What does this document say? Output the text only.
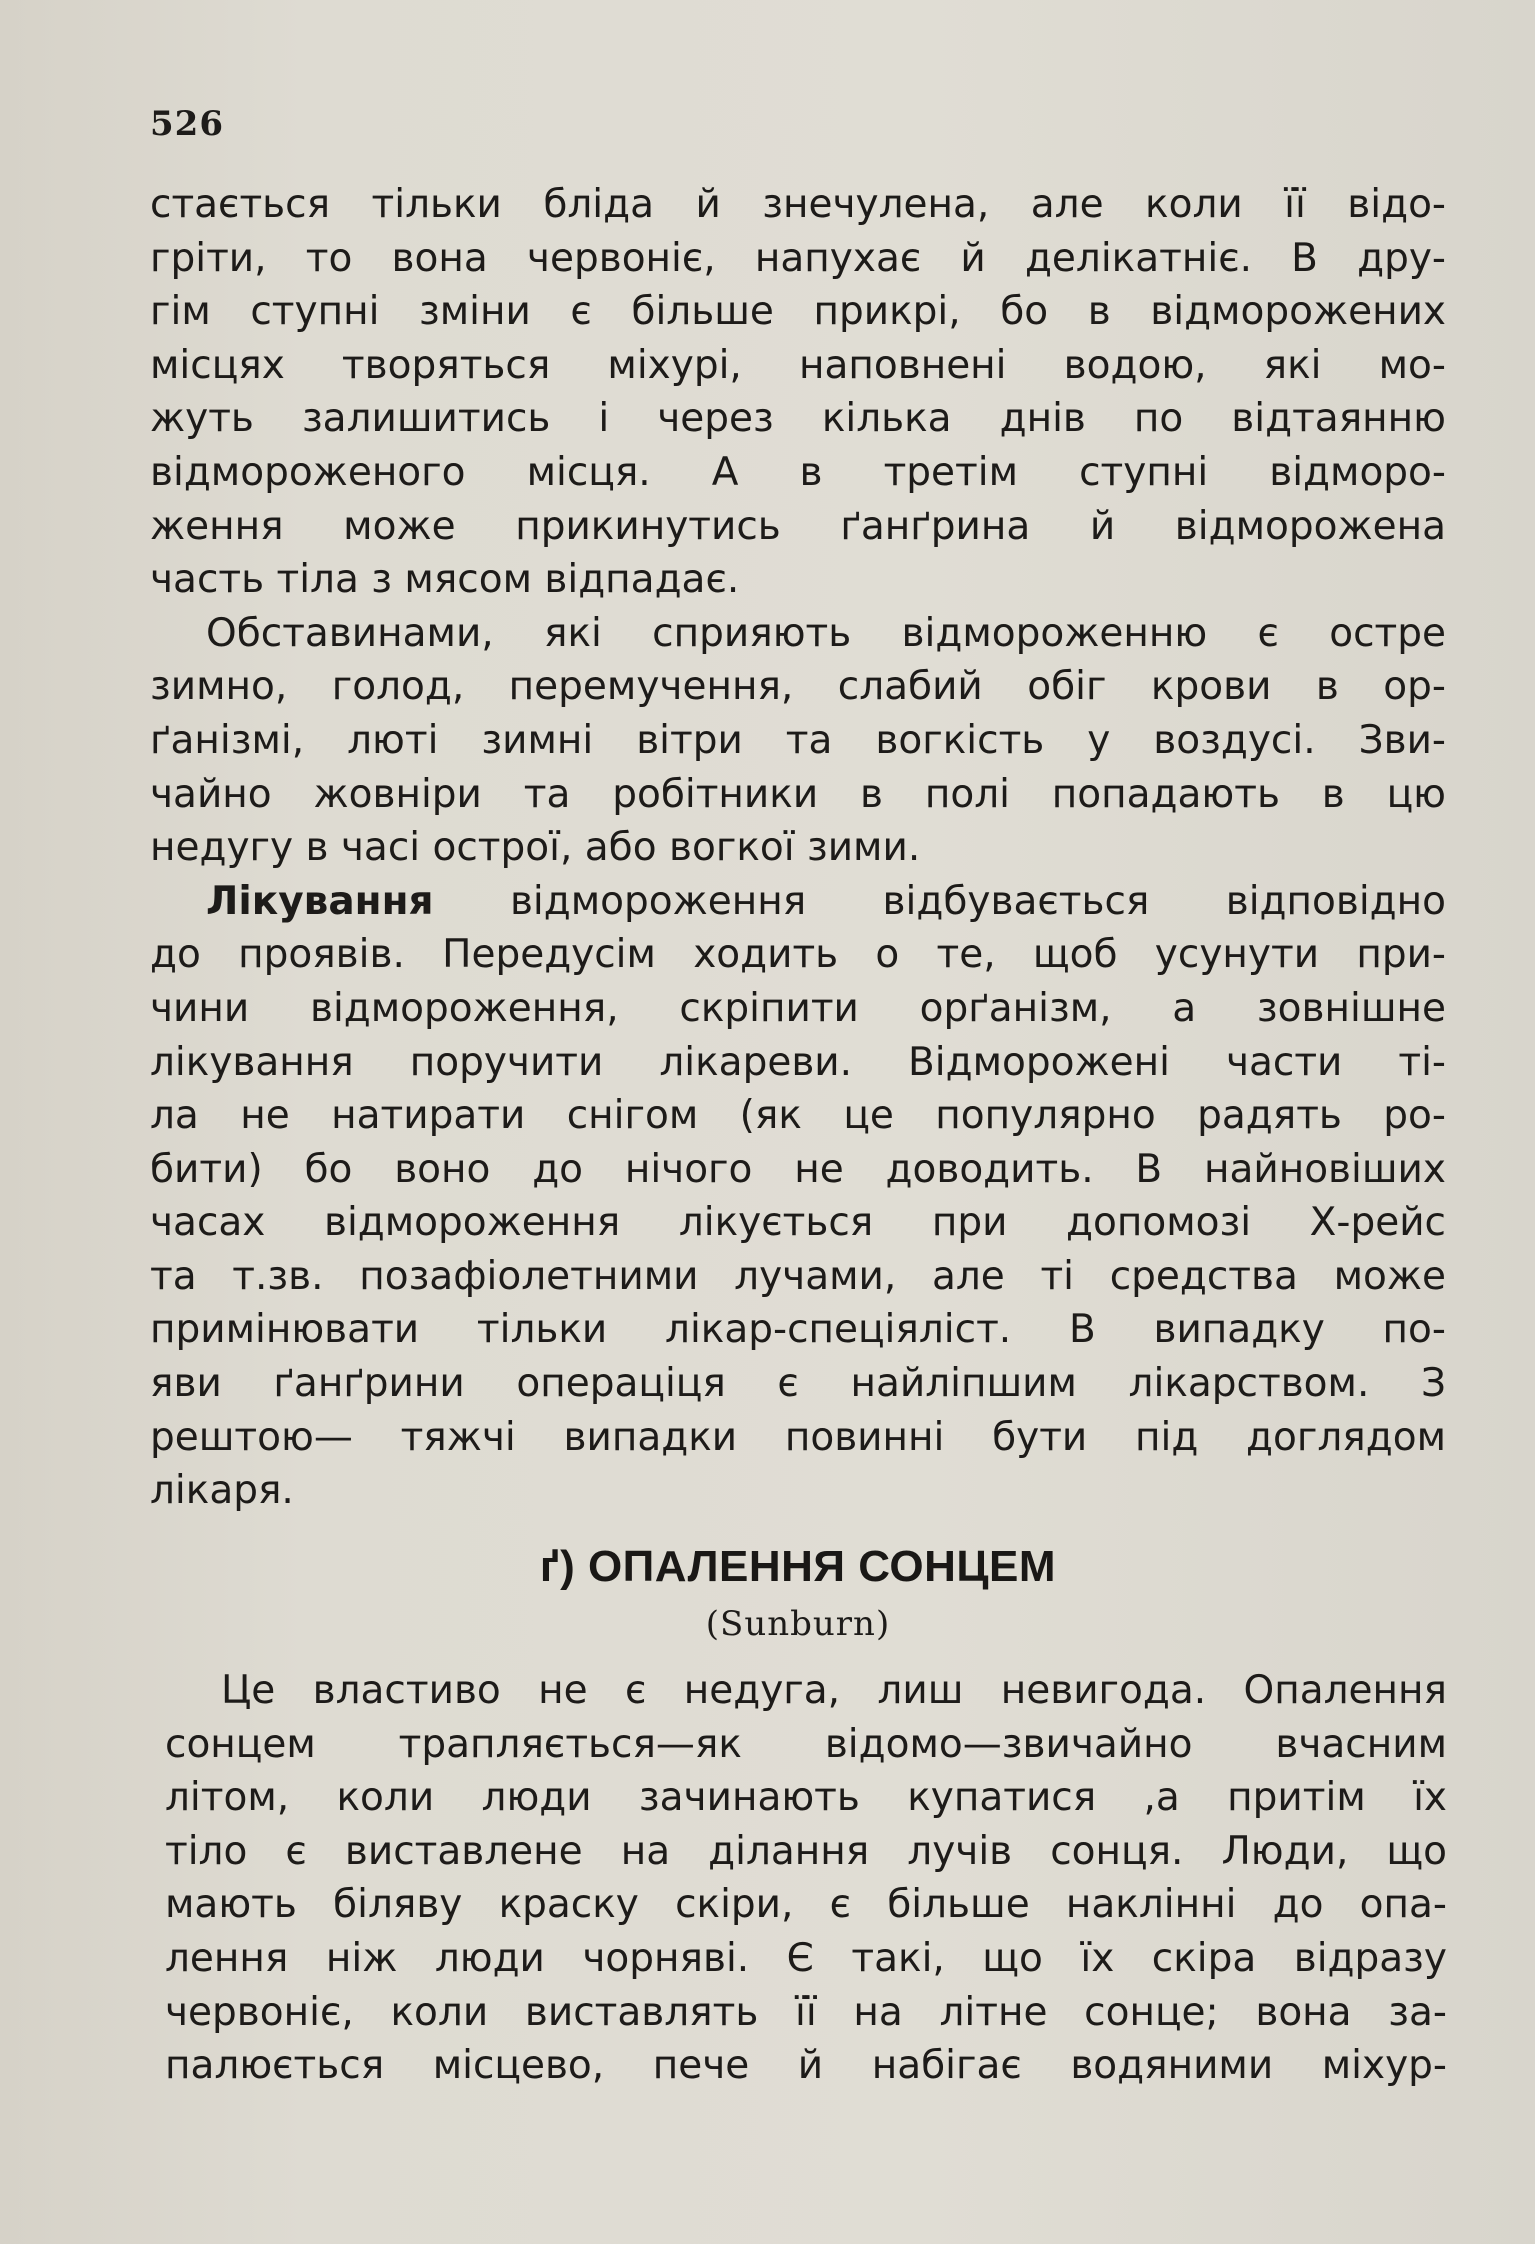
526
стається тільки бліда й знечулена, але коли її відо-
гріти, то вона червоніє, напухає й делікатніє. В дру-
гім ступні зміни є більше прикрі, бо в відморожених
місцях творяться міхурі, наповнені водою, які мо-
жуть залишитись і через кілька днів по відтаянню
відмороженого місця. А в третім ступні відморо-
ження може прикинутись ґанґрина й відморожена
часть тіла з мясом відпадає.
Обставинами, які сприяють відмороженню є остре
зимно, голод, перемучення, слабий обіг крови в ор-
ґанізмі, люті зимні вітри та вогкість у воздусі. Зви-
чайно жовніри та робітники в полі попадають в цю
недугу в часі острої, або вогкої зими.
Лікування відмороження відбувається відповідно
до проявів. Передусім ходить о те, щоб усунути при-
чини відмороження, скріпити орґанізм, а зовнішне
лікування поручити лікареви. Відморожені части ті-
ла не натирати снігом (як це популярно радять ро-
бити) бо воно до нічого не доводить. В найновіших
часах відмороження лікується при допомозі Х-рейс
та т.зв. позафіолетними лучами, але ті средства може
примінювати тільки лікар-спеціяліст. В випадку по-
яви ґанґрини операціця є найліпшим лікарством. З
рештою— тяжчі випадки повинні бути під доглядом
лікаря.
ґ) ОПАЛЕННЯ СОНЦЕМ
(Sunburn)
Це властиво не є недуга, лиш невигода. Опалення
сонцем трапляється—як відомо—звичайно вчасним
літом, коли люди зачинають купатися ,а притім їх
тіло є виставлене на ділання лучів сонця. Люди, що
мають біляву краску скіри, є більше наклінні до опа-
лення ніж люди чорняві. Є такі, що їх скіра відразу
червоніє, коли виставлять її на літне сонце; вона за-
палюється місцево, пече й набігає водяними міхур-
